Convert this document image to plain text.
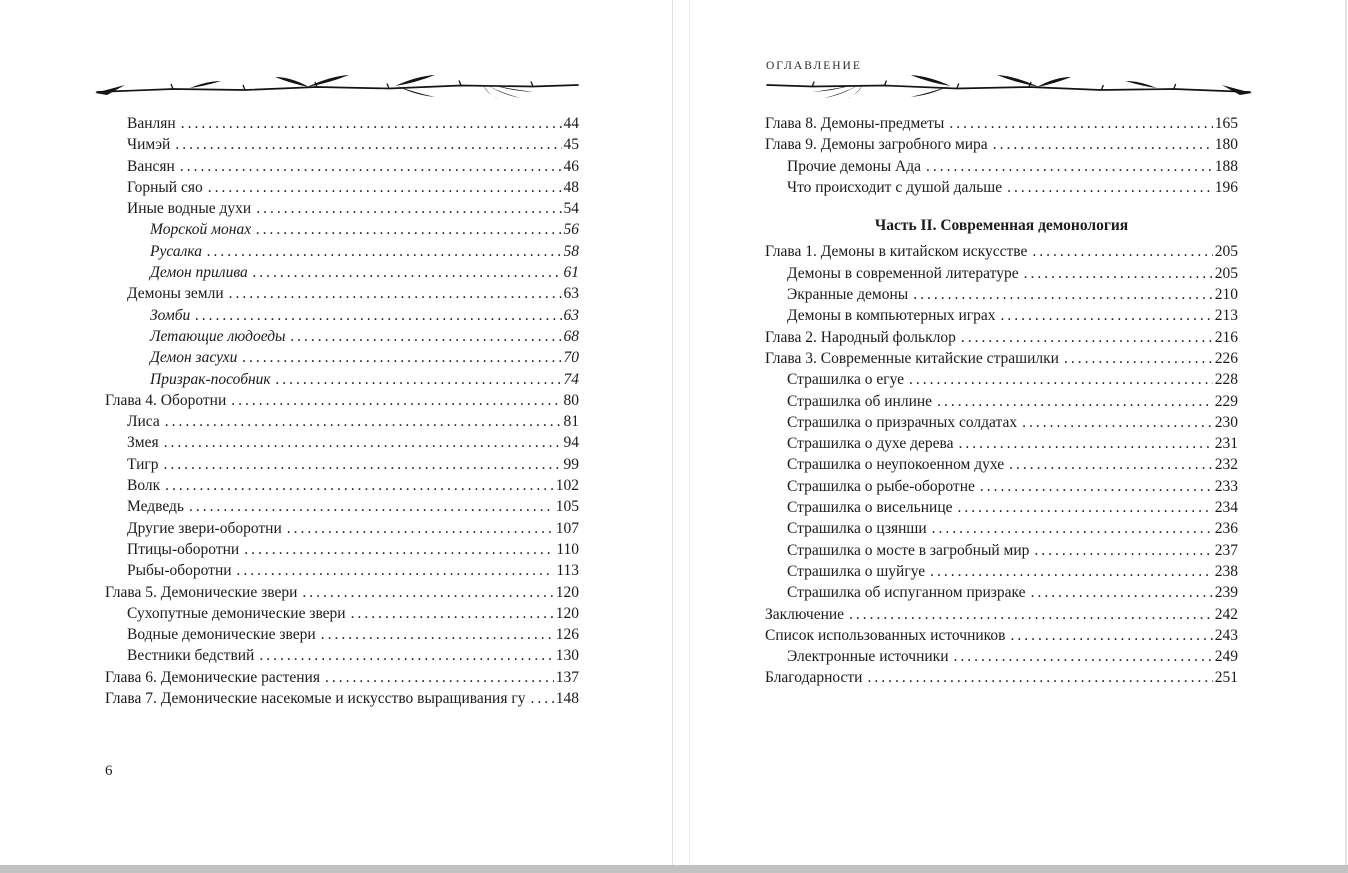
ОГЛАВЛЕНИЕ
Ванлян .....	44
Чимэй .....	45
Вансян .....	46
Горный сяо .....	48
Иные водные духи .....	54
Морской монах .....	56
Русалка .....	58
Демон прилива .....	61
Демоны земли .....	63
Зомби .....	63
Летающие людоеды .....	68
Демон засухи .....	70
Призрак-пособник .....	74
Глава 4. Оборотни .....	80
Лиса .....	81
Змея .....	94
Тигр .....	99
Волк .....	102
Медведь .....	105
Другие звери-оборотни .....	107
Птицы-оборотни .....	110
Рыбы-оборотни .....	113
Глава 5. Демонические звери .....	120
Сухопутные демонические звери .....	120
Водные демонические звери .....	126
Вестники бедствий .....	130
Глава 6. Демонические растения .....	137
Глава 7. Демонические насекомые и искусство выращивания гу ..... 148
Глава 8. Демоны-предметы .....	165
Глава 9. Демоны загробного мира .....	180
Прочие демоны Ада .....	188
Что происходит с душой дальше .....	196
Часть II. Современная демонология
Глава 1. Демоны в китайском искусстве .....	205
Демоны в современной литературе .....	205
Экранные демоны .....	210
Демоны в компьютерных играх .....	213
Глава 2. Народный фольклор .....	216
Глава 3. Современные китайские страшилки .....	226
Страшилка о егуе .....	228
Страшилка об инлине .....	229
Страшилка о призрачных солдатах .....	230
Страшилка о духе дерева .....	231
Страшилка о неупокоенном духе .....	232
Страшилка о рыбе-оборотне .....	233
Страшилка о висельнице .....	234
Страшилка о цзянши .....	236
Страшилка о мосте в загробный мир .....	237
Страшилка о шуйгуе .....	238
Страшилка об испуганном призраке .....	239
Заключение .....	242
Список использованных источников .....	243
Электронные источники .....	249
Благодарности .....	251
6
